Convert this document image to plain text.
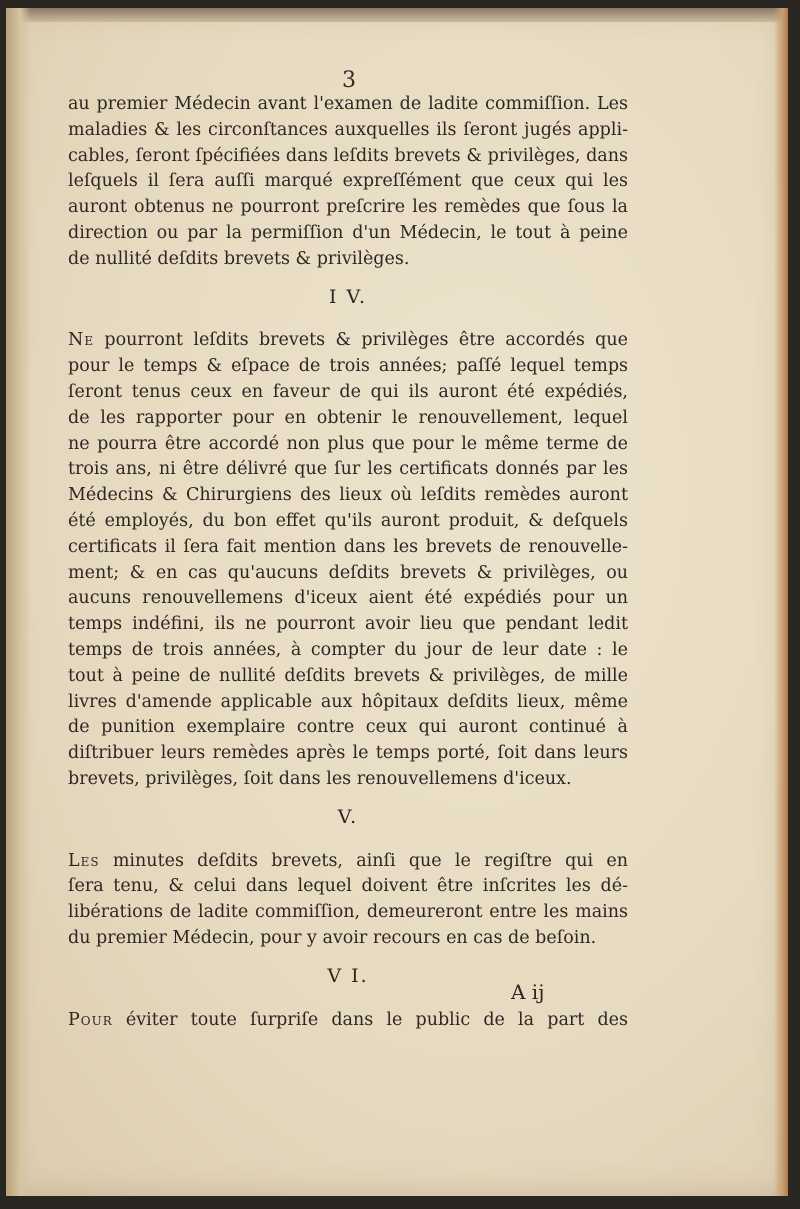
3
au premier Médecin avant l'examen de ladite commiſſion. Les
maladies & les circonſtances auxquelles ils ſeront jugés appli-
cables, ſeront ſpécifiées dans leſdits brevets & privilèges, dans
leſquels il ſera auſſi marqué expreſſément que ceux qui les
auront obtenus ne pourront preſcrire les remèdes que ſous la
direction ou par la permiſſion d'un Médecin, le tout à peine
de nullité deſdits brevets & privilèges.
I V.
Ne pourront leſdits brevets & privilèges être accordés que
pour le temps & eſpace de trois années; paſſé lequel temps
ſeront tenus ceux en faveur de qui ils auront été expédiés,
de les rapporter pour en obtenir le renouvellement, lequel
ne pourra être accordé non plus que pour le même terme de
trois ans, ni être délivré que ſur les certificats donnés par les
Médecins & Chirurgiens des lieux où leſdits remèdes auront
été employés, du bon effet qu'ils auront produit, & deſquels
certificats il ſera fait mention dans les brevets de renouvelle-
ment; & en cas qu'aucuns deſdits brevets & privilèges, ou
aucuns renouvellemens d'iceux aient été expédiés pour un
temps indéfini, ils ne pourront avoir lieu que pendant ledit
temps de trois années, à compter du jour de leur date : le
tout à peine de nullité deſdits brevets & privilèges, de mille
livres d'amende applicable aux hôpitaux deſdits lieux, même
de punition exemplaire contre ceux qui auront continué à
diſtribuer leurs remèdes après le temps porté, ſoit dans leurs
brevets, privilèges, ſoit dans les renouvellemens d'iceux.
V.
Les minutes deſdits brevets, ainſi que le regiſtre qui en
ſera tenu, & celui dans lequel doivent être inſcrites les dé-
libérations de ladite commiſſion, demeureront entre les mains
du premier Médecin, pour y avoir recours en cas de beſoin.
V I.
Pour éviter toute ſurpriſe dans le public de la part des
A ij
